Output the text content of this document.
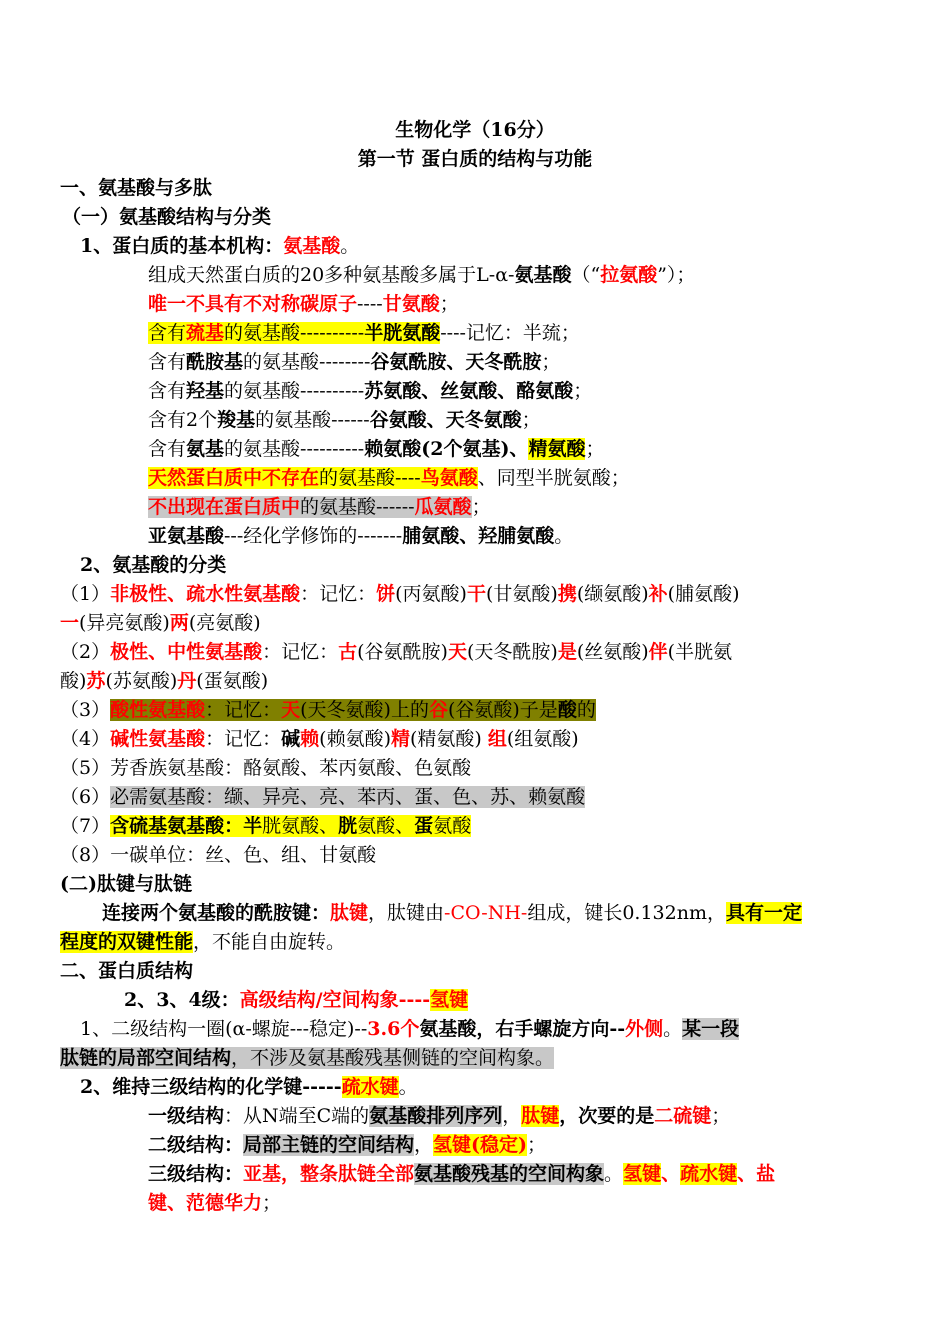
生物化学（16分）
第一节 蛋白质的结构与功能
一、氨基酸与多肽
（一）氨基酸结构与分类
1、蛋白质的基本机构：氨基酸。
组成天然蛋白质的20多种氨基酸多属于L-α-氨基酸（“拉氨酸”）；
唯一不具有不对称碳原子----甘氨酸；
含有巯基的氨基酸----------半胱氨酸----记忆：半巯；
含有酰胺基的氨基酸--------谷氨酰胺、天冬酰胺；
含有羟基的氨基酸----------苏氨酸、丝氨酸、酪氨酸；
含有2个羧基的氨基酸------谷氨酸、天冬氨酸；
含有氨基的氨基酸----------赖氨酸(2个氨基)、精氨酸；
天然蛋白质中不存在的氨基酸----鸟氨酸、同型半胱氨酸；
不出现在蛋白质中的氨基酸------瓜氨酸；
亚氨基酸---经化学修饰的-------脯氨酸、羟脯氨酸。
2、氨基酸的分类
（1）非极性、疏水性氨基酸：记忆：饼(丙氨酸)干(甘氨酸)携(缬氨酸)补(脯氨酸)
一(异亮氨酸)两(亮氨酸)
（2）极性、中性氨基酸：记忆：古(谷氨酰胺)天(天冬酰胺)是(丝氨酸)伴(半胱氨
酸)苏(苏氨酸)丹(蛋氨酸)
（3）酸性氨基酸：记忆：天(天冬氨酸)上的谷(谷氨酸)子是酸的
（4）碱性氨基酸：记忆：碱赖(赖氨酸)精(精氨酸) 组(组氨酸)
（5）芳香族氨基酸：酪氨酸、苯丙氨酸、色氨酸
（6）必需氨基酸：缬、异亮、亮、苯丙、蛋、色、苏、赖氨酸
（7）含硫基氨基酸：半胱氨酸、胱氨酸、蛋氨酸
（8）一碳单位：丝、色、组、甘氨酸
(二)肽键与肽链
连接两个氨基酸的酰胺键：肽键，肽键由-CO-NH-组成，键长0.132nm，具有一定
程度的双键性能，不能自由旋转。
二、蛋白质结构
2、3、4级：高级结构/空间构象----氢键
1、二级结构一圈(α-螺旋---稳定)--3.6个氨基酸，右手螺旋方向--外侧。某一段
肽链的局部空间结构，不涉及氨基酸残基侧链的空间构象。
2、维持三级结构的化学键-----疏水键。
一级结构：从N端至C端的氨基酸排列序列，肽键，次要的是二硫键；
二级结构：局部主链的空间结构，氢键(稳定)；
三级结构：亚基，整条肽链全部氨基酸残基的空间构象。氢键、疏水键、盐
键、范德华力；
